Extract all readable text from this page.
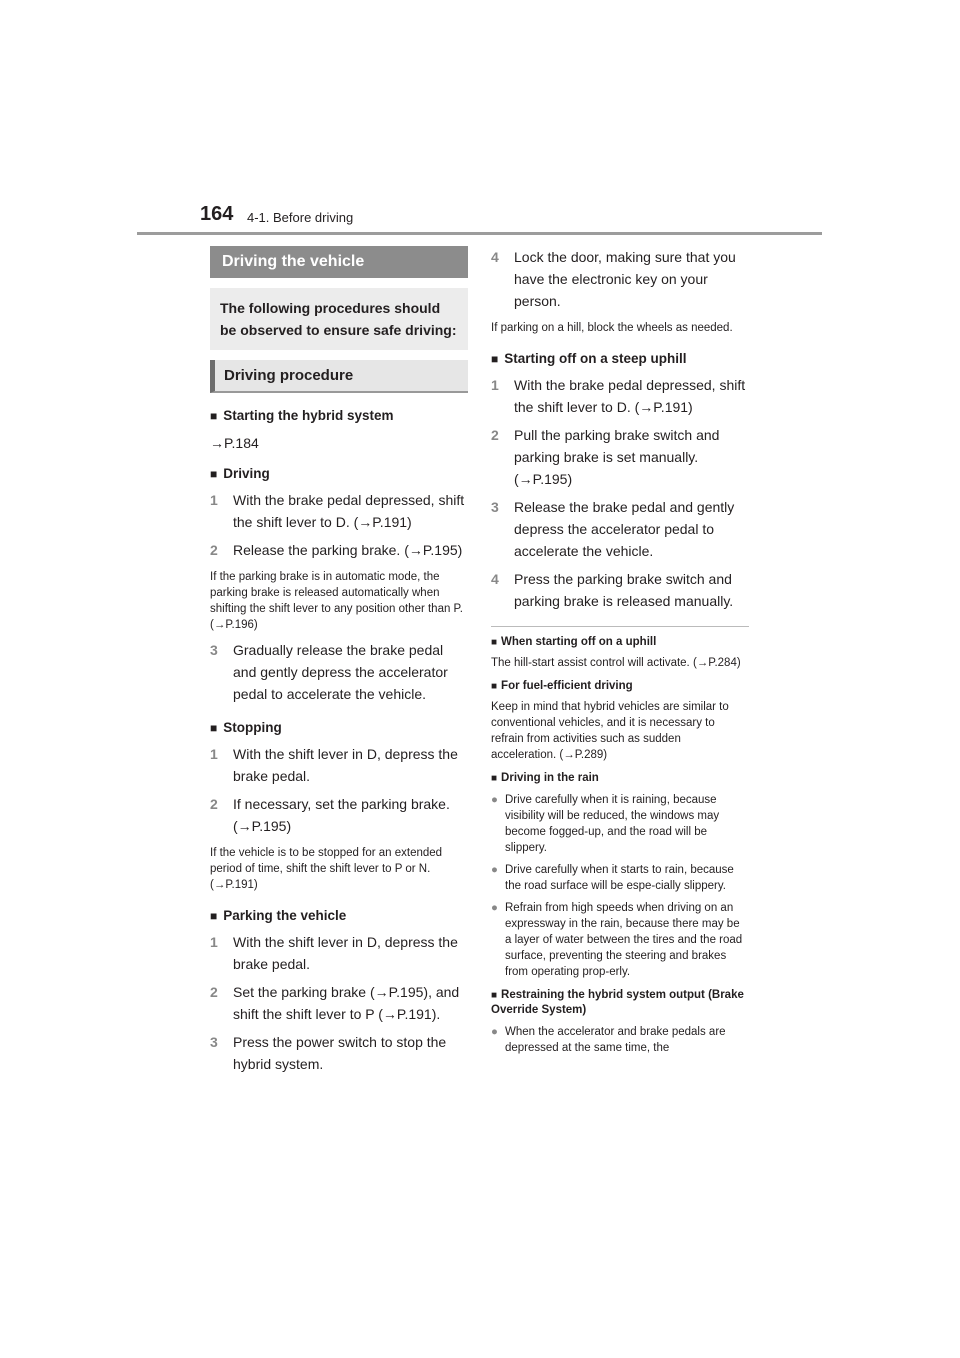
164 4-1. Before driving
Driving the vehicle
The following procedures should be observed to ensure safe driving:
Driving procedure
■ Starting the hybrid system
→P.184
■ Driving
1	With the brake pedal depressed, shift the shift lever to D. (→P.191)
2	Release the parking brake. (→P.195)
If the parking brake is in automatic mode, the parking brake is released automatically when shifting the shift lever to any position other than P. (→P.196)
3	Gradually release the brake pedal and gently depress the accelerator pedal to accelerate the vehicle.
■ Stopping
1	With the shift lever in D, depress the brake pedal.
2	If necessary, set the parking brake. (→P.195)
If the vehicle is to be stopped for an extended period of time, shift the shift lever to P or N. (→P.191)
■ Parking the vehicle
1	With the shift lever in D, depress the brake pedal.
2	Set the parking brake (→P.195), and shift the shift lever to P (→P.191).
3	Press the power switch to stop the hybrid system.
4	Lock the door, making sure that you have the electronic key on your person.
If parking on a hill, block the wheels as needed.
■ Starting off on a steep uphill
1	With the brake pedal depressed, shift the shift lever to D. (→P.191)
2	Pull the parking brake switch and parking brake is set manually. (→P.195)
3	Release the brake pedal and gently depress the accelerator pedal to accelerate the vehicle.
4	Press the parking brake switch and parking brake is released manually.
■ When starting off on a uphill
The hill-start assist control will activate. (→P.284)
■ For fuel-efficient driving
Keep in mind that hybrid vehicles are similar to conventional vehicles, and it is necessary to refrain from activities such as sudden acceleration. (→P.289)
■ Driving in the rain
● Drive carefully when it is raining, because visibility will be reduced, the windows may become fogged-up, and the road will be slippery.
● Drive carefully when it starts to rain, because the road surface will be espe-cially slippery.
● Refrain from high speeds when driving on an expressway in the rain, because there may be a layer of water between the tires and the road surface, preventing the steering and brakes from operating prop-erly.
■ Restraining the hybrid system output (Brake Override System)
● When the accelerator and brake pedals are depressed at the same time, the
